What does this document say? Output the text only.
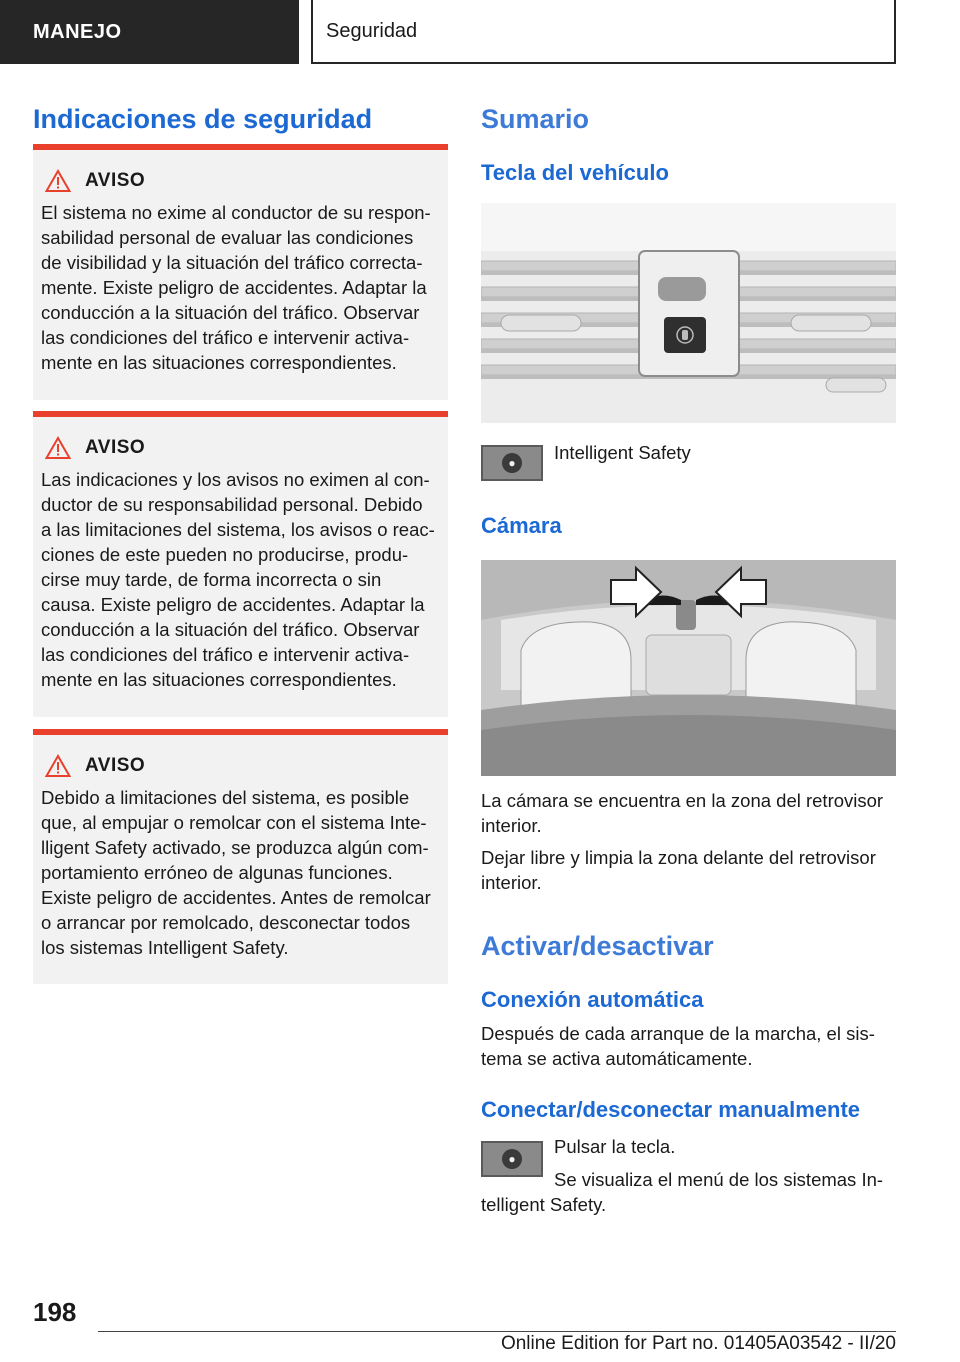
MANEJO	Seguridad
Indicaciones de seguridad
AVISO

El sistema no exime al conductor de su respon‐
sabilidad personal de evaluar las condiciones
de visibilidad y la situación del tráfico correcta‐
mente. Existe peligro de accidentes. Adaptar la
conducción a la situación del tráfico. Observar
las condiciones del tráfico e intervenir activa‐
mente en las situaciones correspondientes.

AVISO

Las indicaciones y los avisos no eximen al con‐
ductor de su responsabilidad personal. Debido
a las limitaciones del sistema, los avisos o reac‐
ciones de este pueden no producirse, produ‐
cirse muy tarde, de forma incorrecta o sin
causa. Existe peligro de accidentes. Adaptar la
conducción a la situación del tráfico. Observar
las condiciones del tráfico e intervenir activa‐
mente en las situaciones correspondientes.

AVISO

Debido a limitaciones del sistema, es posible
que, al empujar o remolcar con el sistema Inte‐
lligent Safety activado, se produzca algún com‐
portamiento erróneo de algunas funciones.
Existe peligro de accidentes. Antes de remolcar
o arrancar por remolcado, desconectar todos
los sistemas Intelligent Safety.

Sumario
Tecla del vehículo
●	Intelligent Safety

Cámara

La cámara se encuentra en la zona del retrovisor
interior.

Dejar libre y limpia la zona delante del retrovisor
interior.

Activar/desactivar
Conexión automática

Después de cada arranque de la marcha, el sis‐
tema se activa automáticamente.

Conectar/desconectar manualmente
●

Pulsar la tecla.

Se visualiza el menú de los sistemas In‐

telligent Safety.

198
Online Edition for Part no. 01405A03542 - II/20
